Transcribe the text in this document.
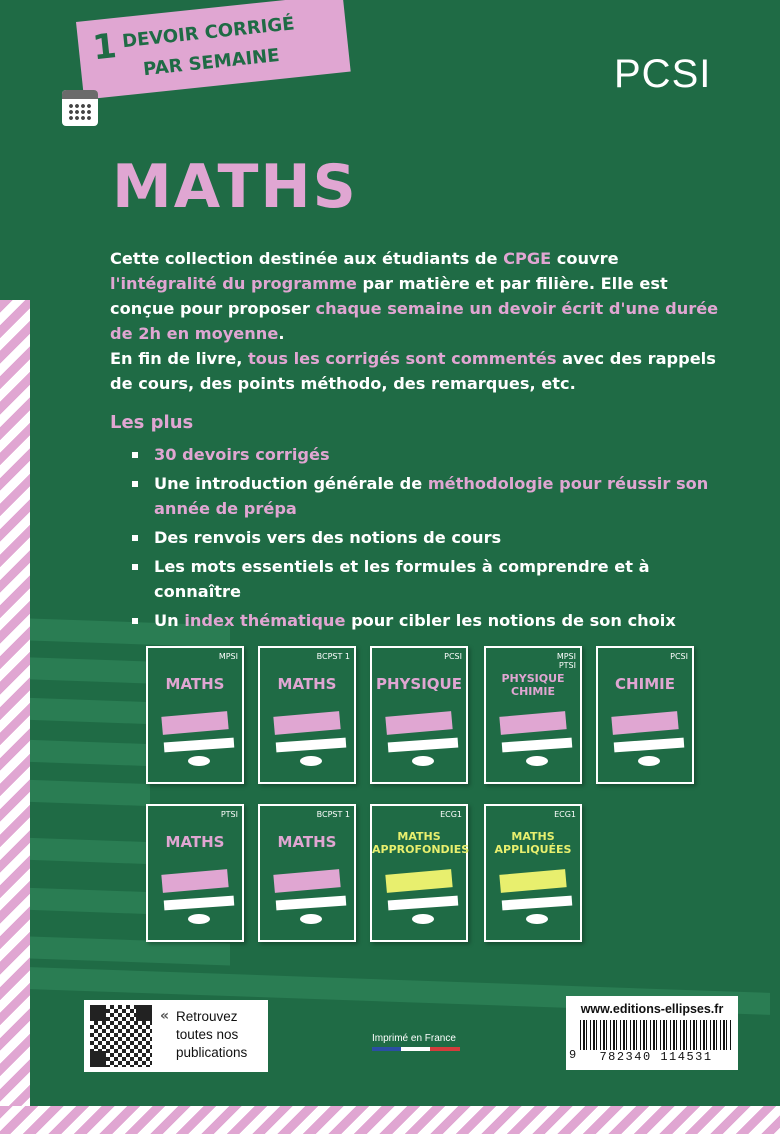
1 DEVOIR CORRIGÉ
PAR SEMAINE	PCSI
MATHS
Cette collection destinée aux étudiants de CPGE couvre l'intégralité du programme par matière et par filière. Elle est conçue pour proposer chaque semaine un devoir écrit d'une durée de 2h en moyenne.
En fin de livre, tous les corrigés sont commentés avec des rappels de cours, des points méthodo, des remarques, etc.
Les plus
30 devoirs corrigés
Une introduction générale de méthodologie pour réussir son année de prépa
Des renvois vers des notions de cours
Les mots essentiels et les formules à comprendre et à connaître
Un index thématique pour cibler les notions de son choix
MPSI
MATHS
BCPST 1
MATHS
PCSI
PHYSIQUE
MPSI PTSI
PHYSIQUE CHIMIE
PCSI
CHIMIE
PTSI
MATHS
BCPST 1
MATHS
ECG1
MATHS APPROFONDIES
ECG1
MATHS APPLIQUÉES
« Retrouvez toutes nos publications
Imprimé en France
www.editions-ellipses.fr
9	782340 114531
